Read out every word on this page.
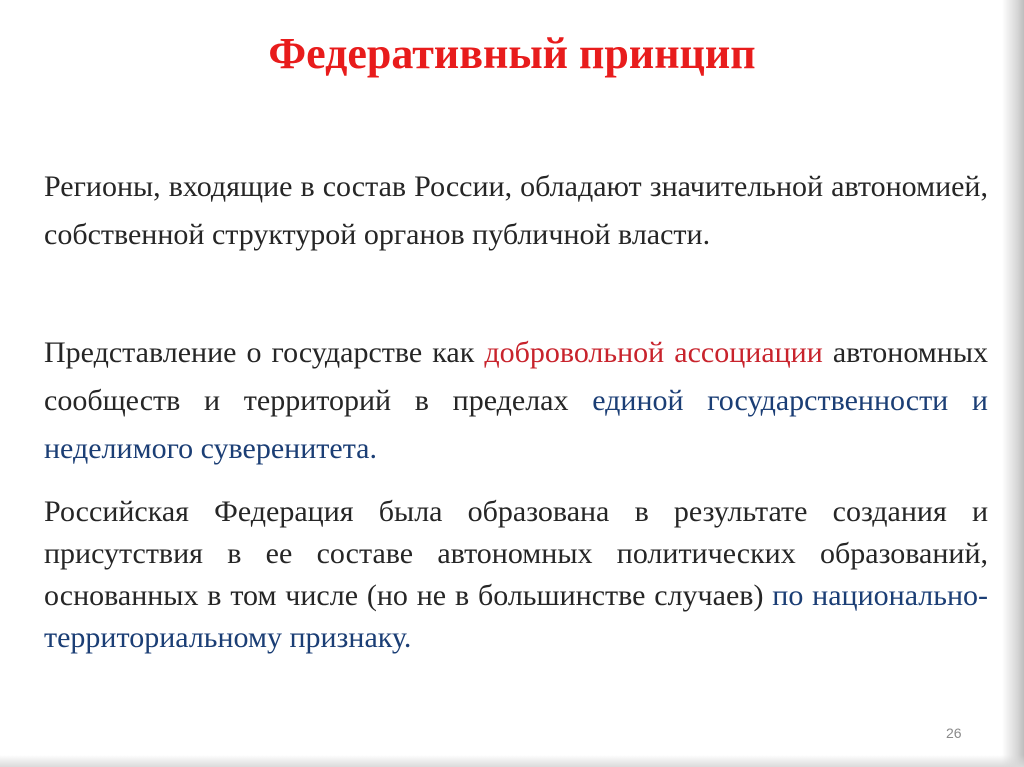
Федеративный принцип

Регионы, входящие в состав России, обладают значительной автономией, собственной структурой органов публичной власти.

Представление о государстве как добровольной ассоциации автономных сообществ и территорий в пределах единой государственности и неделимого суверенитета.

Российская Федерация была образована в результате создания и присутствия в ее составе автономных политических образований, основанных в том числе (но не в большинстве случаев) по национально-территориальному признаку.

26
